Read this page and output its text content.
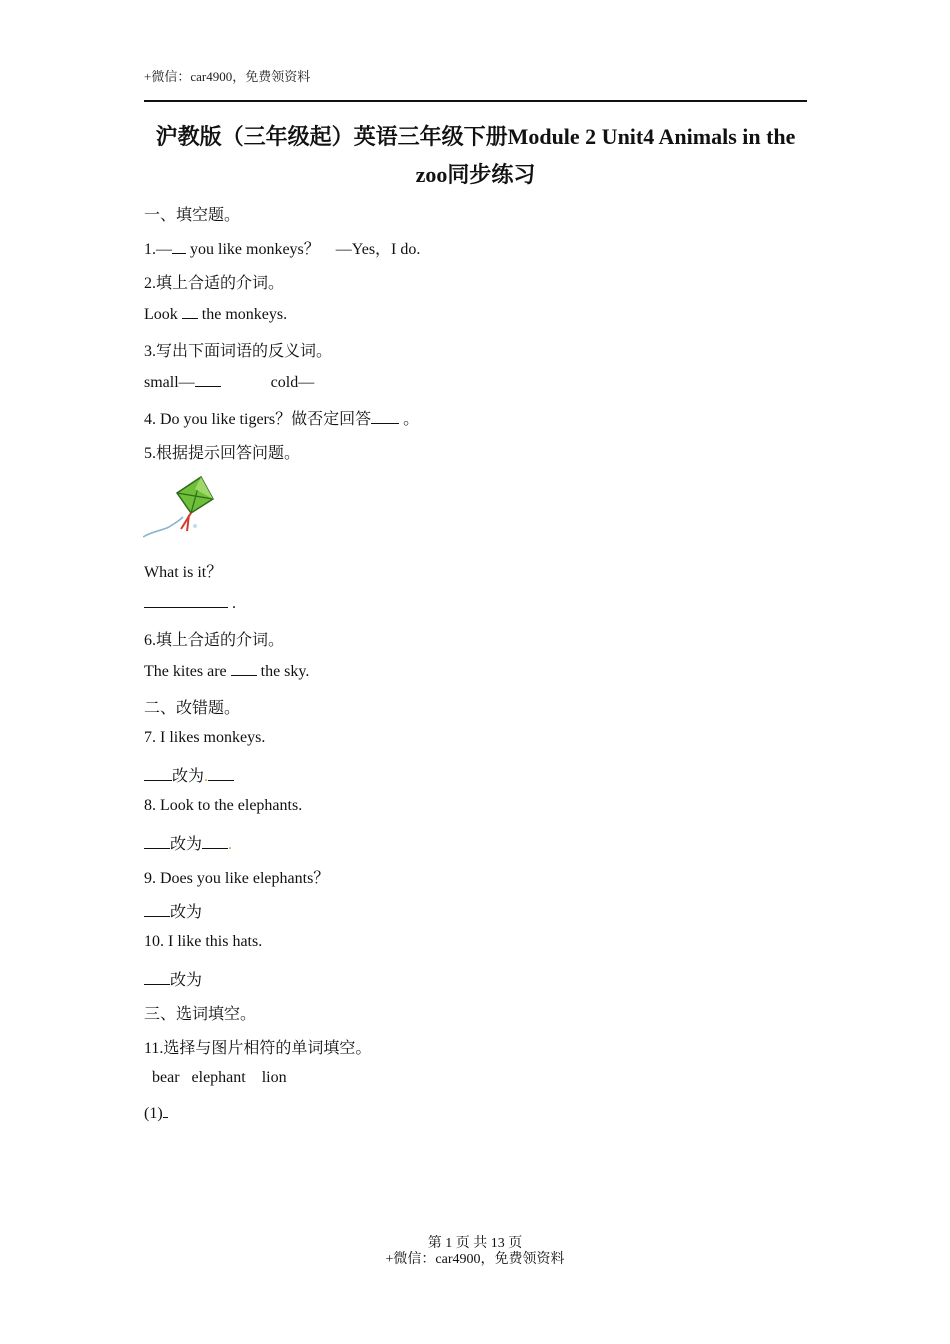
+微信：car4900，免费领资料
沪教版（三年级起）英语三年级下册Module 2 Unit4 Animals in the
zoo同步练习
一、填空题。
1.— you like monkeys？    —Yes，I do.
2.填上合适的介词。
Look  the monkeys.
3.写出下面词语的反义词。
small—	cold—
4. Do you like tigers？做否定回答 。
5.根据提示回答问题。
What is it？
.
6.填上合适的介词。
The kites are  the sky.
二、改错题。
7. I likes monkeys.
改为.
8. Look to the elephants.
改为 .
9. Does you like elephants？
改为
10. I like this hats.
改为
三、选词填空。
11.选择与图片相符的单词填空。
bear   elephant    lion
(1)
第 1 页 共 13 页
+微信：car4900，免费领资料
